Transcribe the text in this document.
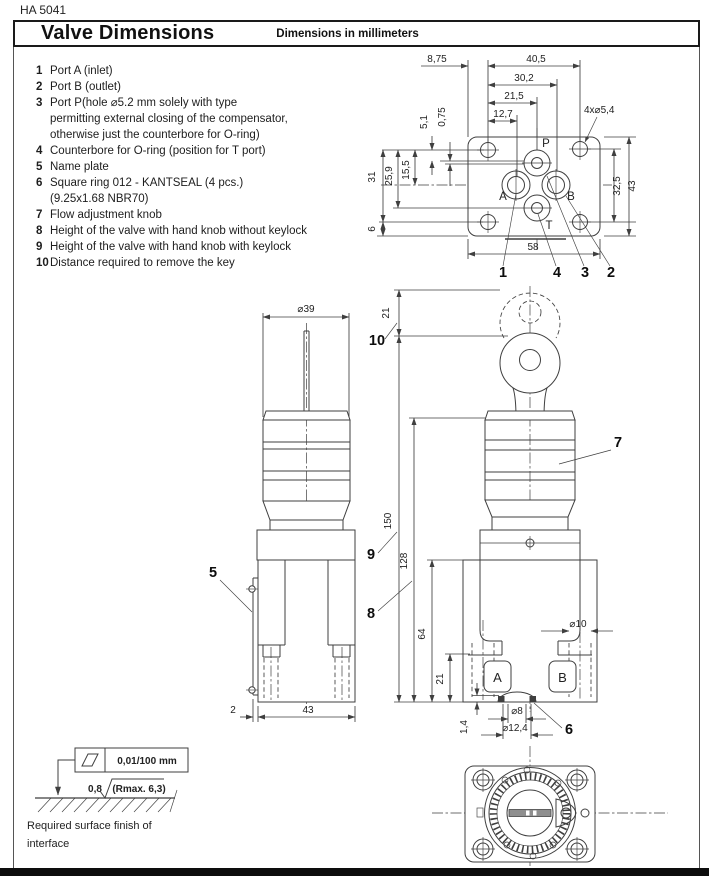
HA 5041
Valve Dimensions	Dimensions in millimeters
1 Port A (inlet)
2 Port B (outlet)
3 Port P(hole ⌀5.2 mm solely with type
permitting external closing of the compensator,
otherwise just the counterbore for O-ring)
4 Counterbore for O-ring (position for T port)
5 Name plate
6 Square ring 012 - KANTSEAL (4 pcs.)
(9.25x1.68 NBR70)
7 Flow adjustment knob
8 Height of the valve with hand knob without keylock
9 Height of the valve with hand knob with keylock
10Distance required to remove the key
8,75	40,5
30,2
21,5
12,7
58
31 25,9 15,5
5,1 0,75
6
32,5 43
4x⌀5,4
P
A	B
T
1	4 3 2
⌀39
2	43
5
A	B
21
150
128
64
21
⌀10
1,4
⌀8
⌀12,4
10
9
8
7
6
0,01/100 mm
0,8 (Rmax. 6,3)
Required surface finish of
interface
